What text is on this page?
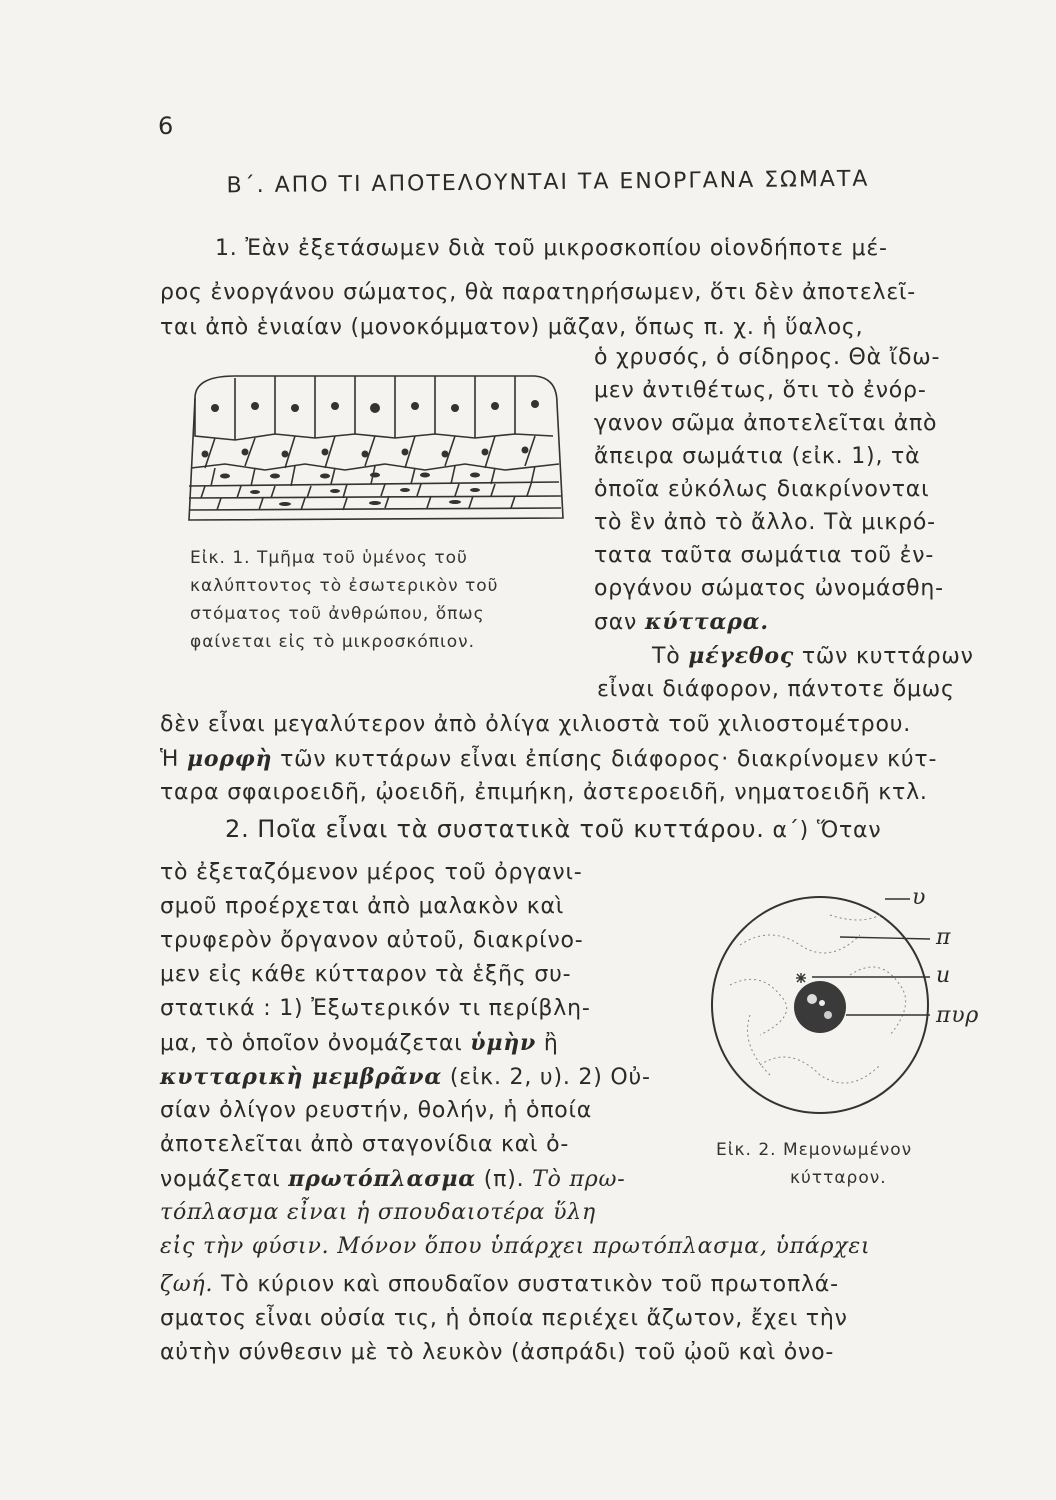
6
Β΄. ΑΠΟ ΤΙ ΑΠΟΤΕΛΟΥΝΤΑΙ ΤΑ ΕΝΟΡΓΑΝΑ ΣΩΜΑΤΑ
1. Ἐὰν ἐξετάσωμεν διὰ τοῦ μικροσκοπίου οἱονδήποτε μέ-
ρος ἐνοργάνου σώματος, θὰ παρατηρήσωμεν, ὅτι δὲν ἀποτελεῖ-
ται ἀπὸ ἑνιαίαν (μονοκόμματον) μᾶζαν, ὅπως π. χ. ἡ ὕαλος,
ὁ χρυσός, ὁ σίδηρος. Θὰ ἴδω-
μεν ἀντιθέτως, ὅτι τὸ ἐνόρ-
γανον σῶμα ἀποτελεῖται ἀπὸ
ἄπειρα σωμάτια (εἰκ. 1), τὰ
ὁποῖα εὐκόλως διακρίνονται
τὸ ἓν ἀπὸ τὸ ἄλλο. Τὰ μικρό-
τατα ταῦτα σωμάτια τοῦ ἐν-
οργάνου σώματος ὠνομάσθη-
σαν κύτταρα.
Τὸ μέγεθος τῶν κυττάρων
εἶναι διάφορον, πάντοτε ὅμως
δὲν εἶναι μεγαλύτερον ἀπὸ ὀλίγα χιλιοστὰ τοῦ χιλιοστομέτρου.
Ἡ μορφὴ τῶν κυττάρων εἶναι ἐπίσης διάφορος· διακρίνομεν κύτ-
ταρα σφαιροειδῆ, ᾠοειδῆ, ἐπιμήκη, ἀστεροειδῆ, νηματοειδῆ κτλ.
2. Ποῖα εἶναι τὰ συστατικὰ τοῦ κυττάρου. α΄) Ὅταν
τὸ ἐξεταζόμενον μέρος τοῦ ὀργανι-
σμοῦ προέρχεται ἀπὸ μαλακὸν καὶ
τρυφερὸν ὄργανον αὐτοῦ, διακρίνο-
μεν εἰς κάθε κύτταρον τὰ ἑξῆς συ-
στατικά : 1) Ἐξωτερικόν τι περίβλη-
μα, τὸ ὁποῖον ὀνομάζεται ὑμὴν ἢ
κυτταρικὴ μεμβρᾶνα (εἰκ. 2, υ). 2) Οὐ-
σίαν ὀλίγον ρευστήν, θολήν, ἡ ὁποία
ἀποτελεῖται ἀπὸ σταγονίδια καὶ ὀ-
νομάζεται πρωτόπλασμα (π). Τὸ πρω-
τόπλασμα εἶναι ἡ σπουδαιοτέρα ὕλη
εἰς τὴν φύσιν. Μόνον ὅπου ὑπάρχει πρωτόπλασμα, ὑπάρχει
ζωή. Τὸ κύριον καὶ σπουδαῖον συστατικὸν τοῦ πρωτοπλά-
σματος εἶναι οὐσία τις, ἡ ὁποία περιέχει ἄζωτον, ἔχει τὴν
αὐτὴν σύνθεσιν μὲ τὸ λευκὸν (ἀσπράδι) τοῦ ᾠοῦ καὶ ὀνο-
Εἰκ. 1. Τμῆμα τοῦ ὑμένος τοῦ
καλύπτοντος τὸ ἐσωτερικὸν τοῦ
στόματος τοῦ ἀνθρώπου, ὅπως
φαίνεται εἰς τὸ μικροσκόπιον.
υ
π
u
πυρ
Εἰκ. 2. Μεμονωμένον
κύτταρον.
